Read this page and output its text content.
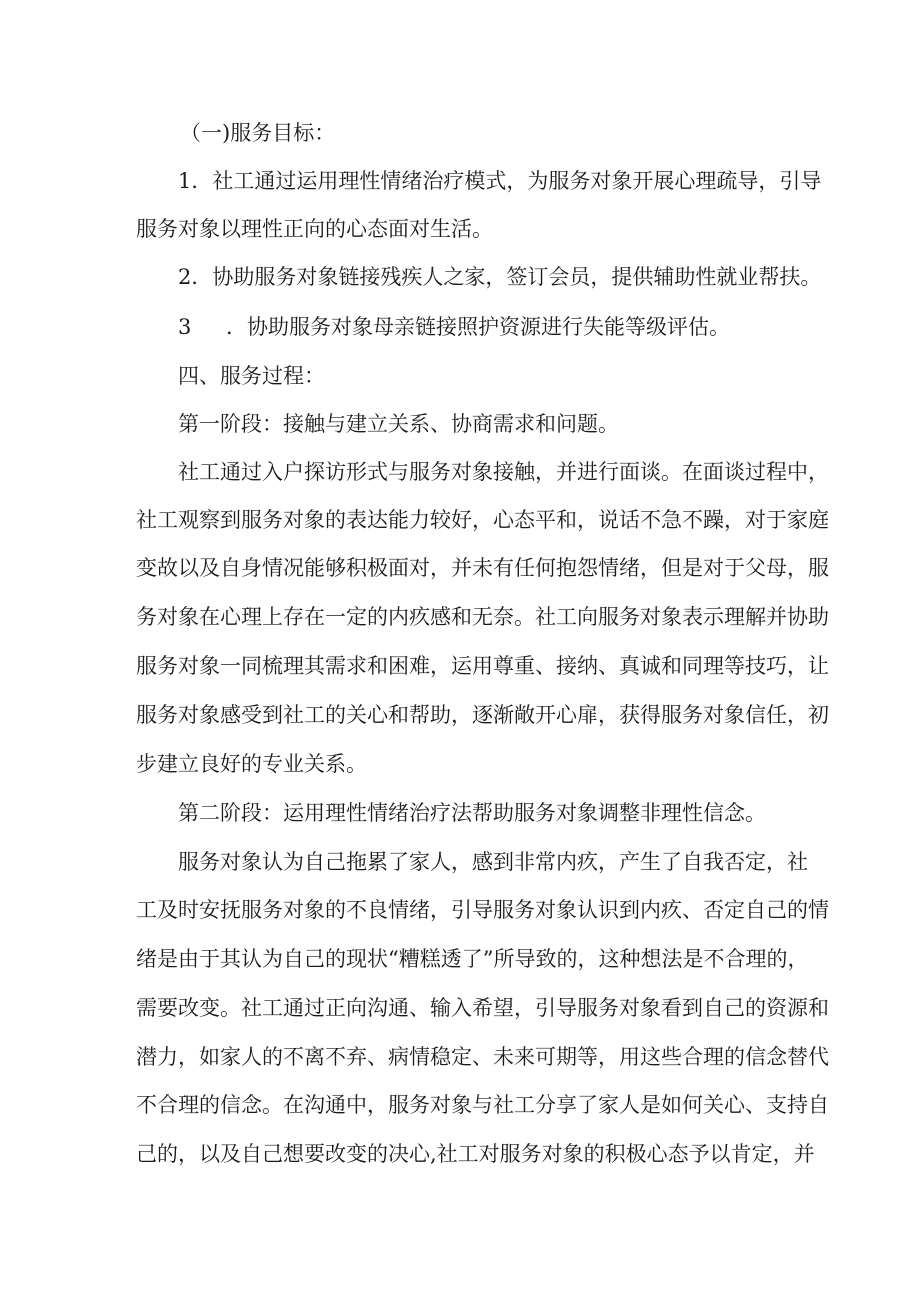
（一)服务目标：
1．社工通过运用理性情绪治疗模式，为服务对象开展心理疏导，引导
服务对象以理性正向的心态面对生活。
2．协助服务对象链接残疾人之家，签订会员，提供辅助性就业帮扶。
3 ．协助服务对象母亲链接照护资源进行失能等级评估。
四、服务过程：
第一阶段：接触与建立关系、协商需求和问题。
社工通过入户探访形式与服务对象接触，并进行面谈。在面谈过程中，
社工观察到服务对象的表达能力较好，心态平和，说话不急不躁，对于家庭
变故以及自身情况能够积极面对，并未有任何抱怨情绪，但是对于父母，服
务对象在心理上存在一定的内疚感和无奈。社工向服务对象表示理解并协助
服务对象一同梳理其需求和困难，运用尊重、接纳、真诚和同理等技巧，让
服务对象感受到社工的关心和帮助，逐渐敞开心扉，获得服务对象信任，初
步建立良好的专业关系。
第二阶段：运用理性情绪治疗法帮助服务对象调整非理性信念。
服务对象认为自己拖累了家人，感到非常内疚，产生了自我否定，社
工及时安抚服务对象的不良情绪，引导服务对象认识到内疚、否定自己的情
绪是由于其认为自己的现状“糟糕透了”所导致的，这种想法是不合理的，
需要改变。社工通过正向沟通、输入希望，引导服务对象看到自己的资源和
潜力，如家人的不离不弃、病情稳定、未来可期等，用这些合理的信念替代
不合理的信念。在沟通中，服务对象与社工分享了家人是如何关心、支持自
己的，以及自己想要改变的决心,社工对服务对象的积极心态予以肯定，并
